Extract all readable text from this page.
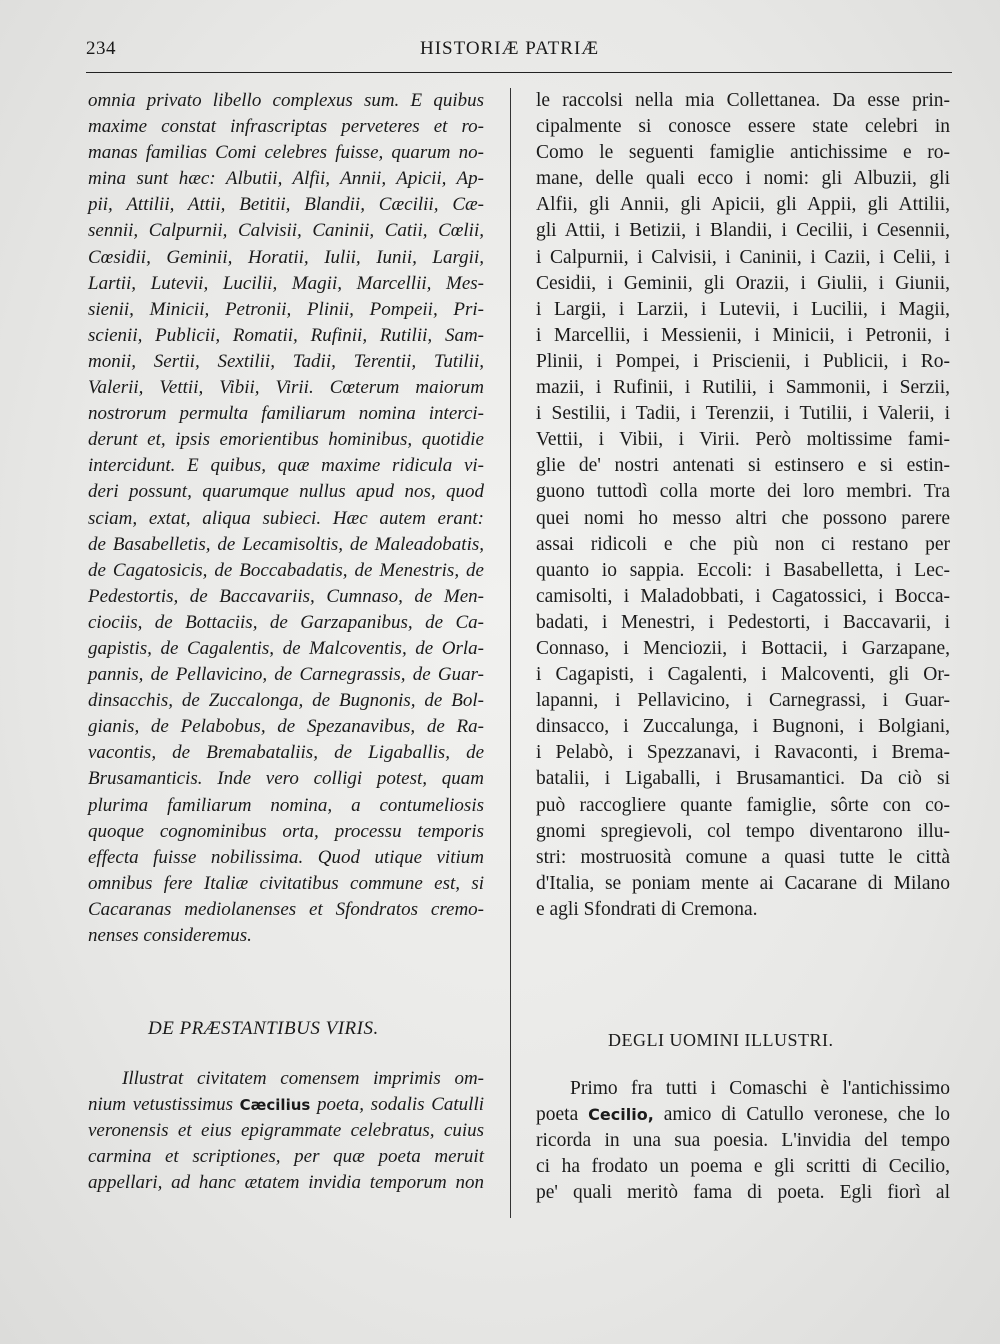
234	HISTORIÆ PATRIÆ
omnia privato libello complexus sum. E quibus
maxime constat infrascriptas perveteres et ro-
manas familias Comi celebres fuisse, quarum no-
mina sunt hæc: Albutii, Alfii, Annii, Apicii, Ap-
pii, Attilii, Attii, Betitii, Blandii, Cæcilii, Cæ-
sennii, Calpurnii, Calvisii, Caninii, Catii, Cœlii,
Cœsidii, Geminii, Horatii, Iulii, Iunii, Largii,
Lartii, Lutevii, Lucilii, Magii, Marcellii, Mes-
sienii, Minicii, Petronii, Plinii, Pompeii, Pri-
scienii, Publicii, Romatii, Rufinii, Rutilii, Sam-
monii, Sertii, Sextilii, Tadii, Terentii, Tutilii,
Valerii, Vettii, Vibii, Virii. Cœterum maiorum
nostrorum permulta familiarum nomina interci-
derunt et, ipsis emorientibus hominibus, quotidie
intercidunt. E quibus, quæ maxime ridicula vi-
deri possunt, quarumque nullus apud nos, quod
sciam, extat, aliqua subieci. Hæc autem erant:
de Basabelletis, de Lecamisoltis, de Maleadobatis,
de Cagatosicis, de Boccabadatis, de Menestris, de
Pedestortis, de Baccavariis, Cumnaso, de Men-
cіociis, de Bottaciis, de Garzapanibus, de Ca-
gapistis, de Cagalentis, de Malcoventis, de Orla-
pannis, de Pellavicino, de Carnegrassis, de Guar-
dinsacchis, de Zuccalonga, de Bugnonis, de Bol-
gianis, de Pelabobus, de Spezanavibus, de Ra-
vacontis, de Bremabataliis, de Ligaballis, de
Brusamanticis. Inde vero colligi potest, quam
plurima familiarum nomina, a contumeliosis
quoque cognominibus orta, processu temporis
effecta fuisse nobilissima. Quod utique vitium
omnibus fere Italiæ civitatibus commune est, si
Cacaranas mediolanenses et Sfondratos cremo-
nenses consideremus.
DE PRÆSTANTIBUS VIRIS.
Illustrat civitatem comensem imprimis om-
nium vetustissimus Cæcilius poeta, sodalis Catulli
veronensis et eius epigrammate celebratus, cuius
carmina et scriptiones, per quæ poeta meruit
appellari, ad hanc ætatem invidia temporum non
le raccolsi nella mia Collettanea. Da esse prin-
cipalmente si conosce essere state celebri in
Como le seguenti famiglie antichissime e ro-
mane, delle quali ecco i nomi: gli Albuzii, gli
Alfii, gli Annii, gli Apicii, gli Appii, gli Attilii,
gli Attii, i Betizii, i Blandii, i Cecilii, i Cesennii,
i Calpurnii, i Calvisii, i Caninii, i Cazii, i Celii, i
Cesidii, i Geminii, gli Orazii, i Giulii, i Giunii,
i Largii, i Larzii, i Lutevii, i Lucilii, i Magii,
i Marcellii, i Messienii, i Minicii, i Petronii, i
Plinii, i Pompei, i Priscienii, i Publicii, i Ro-
mazii, i Rufinii, i Rutilii, i Sammonii, i Serzii,
i Sestilii, i Tadii, i Terenzii, i Tutilii, i Valerii, i
Vettii, i Vibii, i Virii. Però moltissime fami-
glie de' nostri antenati si estinsero e si estin-
guono tuttodì colla morte dei loro membri. Tra
quei nomi ho messo altri che possono parere
assai ridicoli e che più non ci restano per
quanto io sappia. Eccoli: i Basabelletta, i Lec-
camisolti, i Maladobbati, i Cagatossici, i Bocca-
badati, i Menestri, i Pedestorti, i Baccavarii, i
Connaso, i Menciozii, i Bottacii, i Garzapane,
i Cagapisti, i Cagalenti, i Malcoventi, gli Or-
lapanni, i Pellavicino, i Carnegrassi, i Guar-
dinsacco, i Zuccalunga, i Bugnoni, i Bolgiani,
i Pelabò, i Spezzanavi, i Ravaconti, i Brema-
batalii, i Ligaballi, i Brusamantici. Da ciò si
può raccogliere quante famiglie, sôrte con co-
gnomi spregievoli, col tempo diventarono illu-
stri: mostruosità comune a quasi tutte le città
d'Italia, se poniam mente ai Cacarane di Milano
e agli Sfondrati di Cremona.
DEGLI UOMINI ILLUSTRI.
Primo fra tutti i Comaschi è l'antichissimo
poeta Cecilio, amico di Catullo veronese, che lo
ricorda in una sua poesia. L'invidia del tempo
ci ha frodato un poema e gli scritti di Cecilio,
pe' quali meritò fama di poeta. Egli fiorì al
